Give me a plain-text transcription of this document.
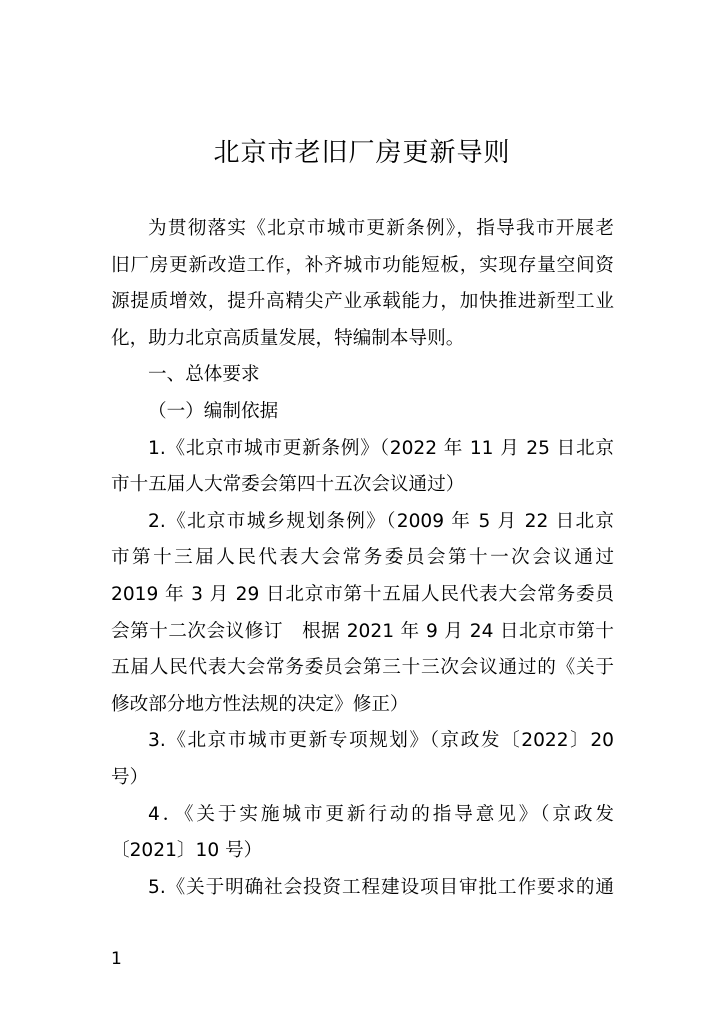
北京市老旧厂房更新导则
为贯彻落实《北京市城市更新条例》，指导我市开展老
旧厂房更新改造工作，补齐城市功能短板，实现存量空间资
源提质增效，提升高精尖产业承载能力，加快推进新型工业
化，助力北京高质量发展，特编制本导则。
一、总体要求
（一）编制依据
1.《北京市城市更新条例》（2022 年 11 月 25 日北京
市十五届人大常委会第四十五次会议通过）
2.《北京市城乡规划条例》（2009 年 5 月 22 日北京
市第十三届人民代表大会常务委员会第十一次会议通过
2019 年 3 月 29 日北京市第十五届人民代表大会常务委员
会第十二次会议修订　根据 2021 年 9 月 24 日北京市第十
五届人民代表大会常务委员会第三十三次会议通过的《关于
修改部分地方性法规的决定》修正）
3.《北京市城市更新专项规划》（京政发〔2022〕20
号）
4．《关于实施城市更新行动的指导意见》（京政发
〔2021〕10 号）
5.《关于明确社会投资工程建设项目审批工作要求的通
1
